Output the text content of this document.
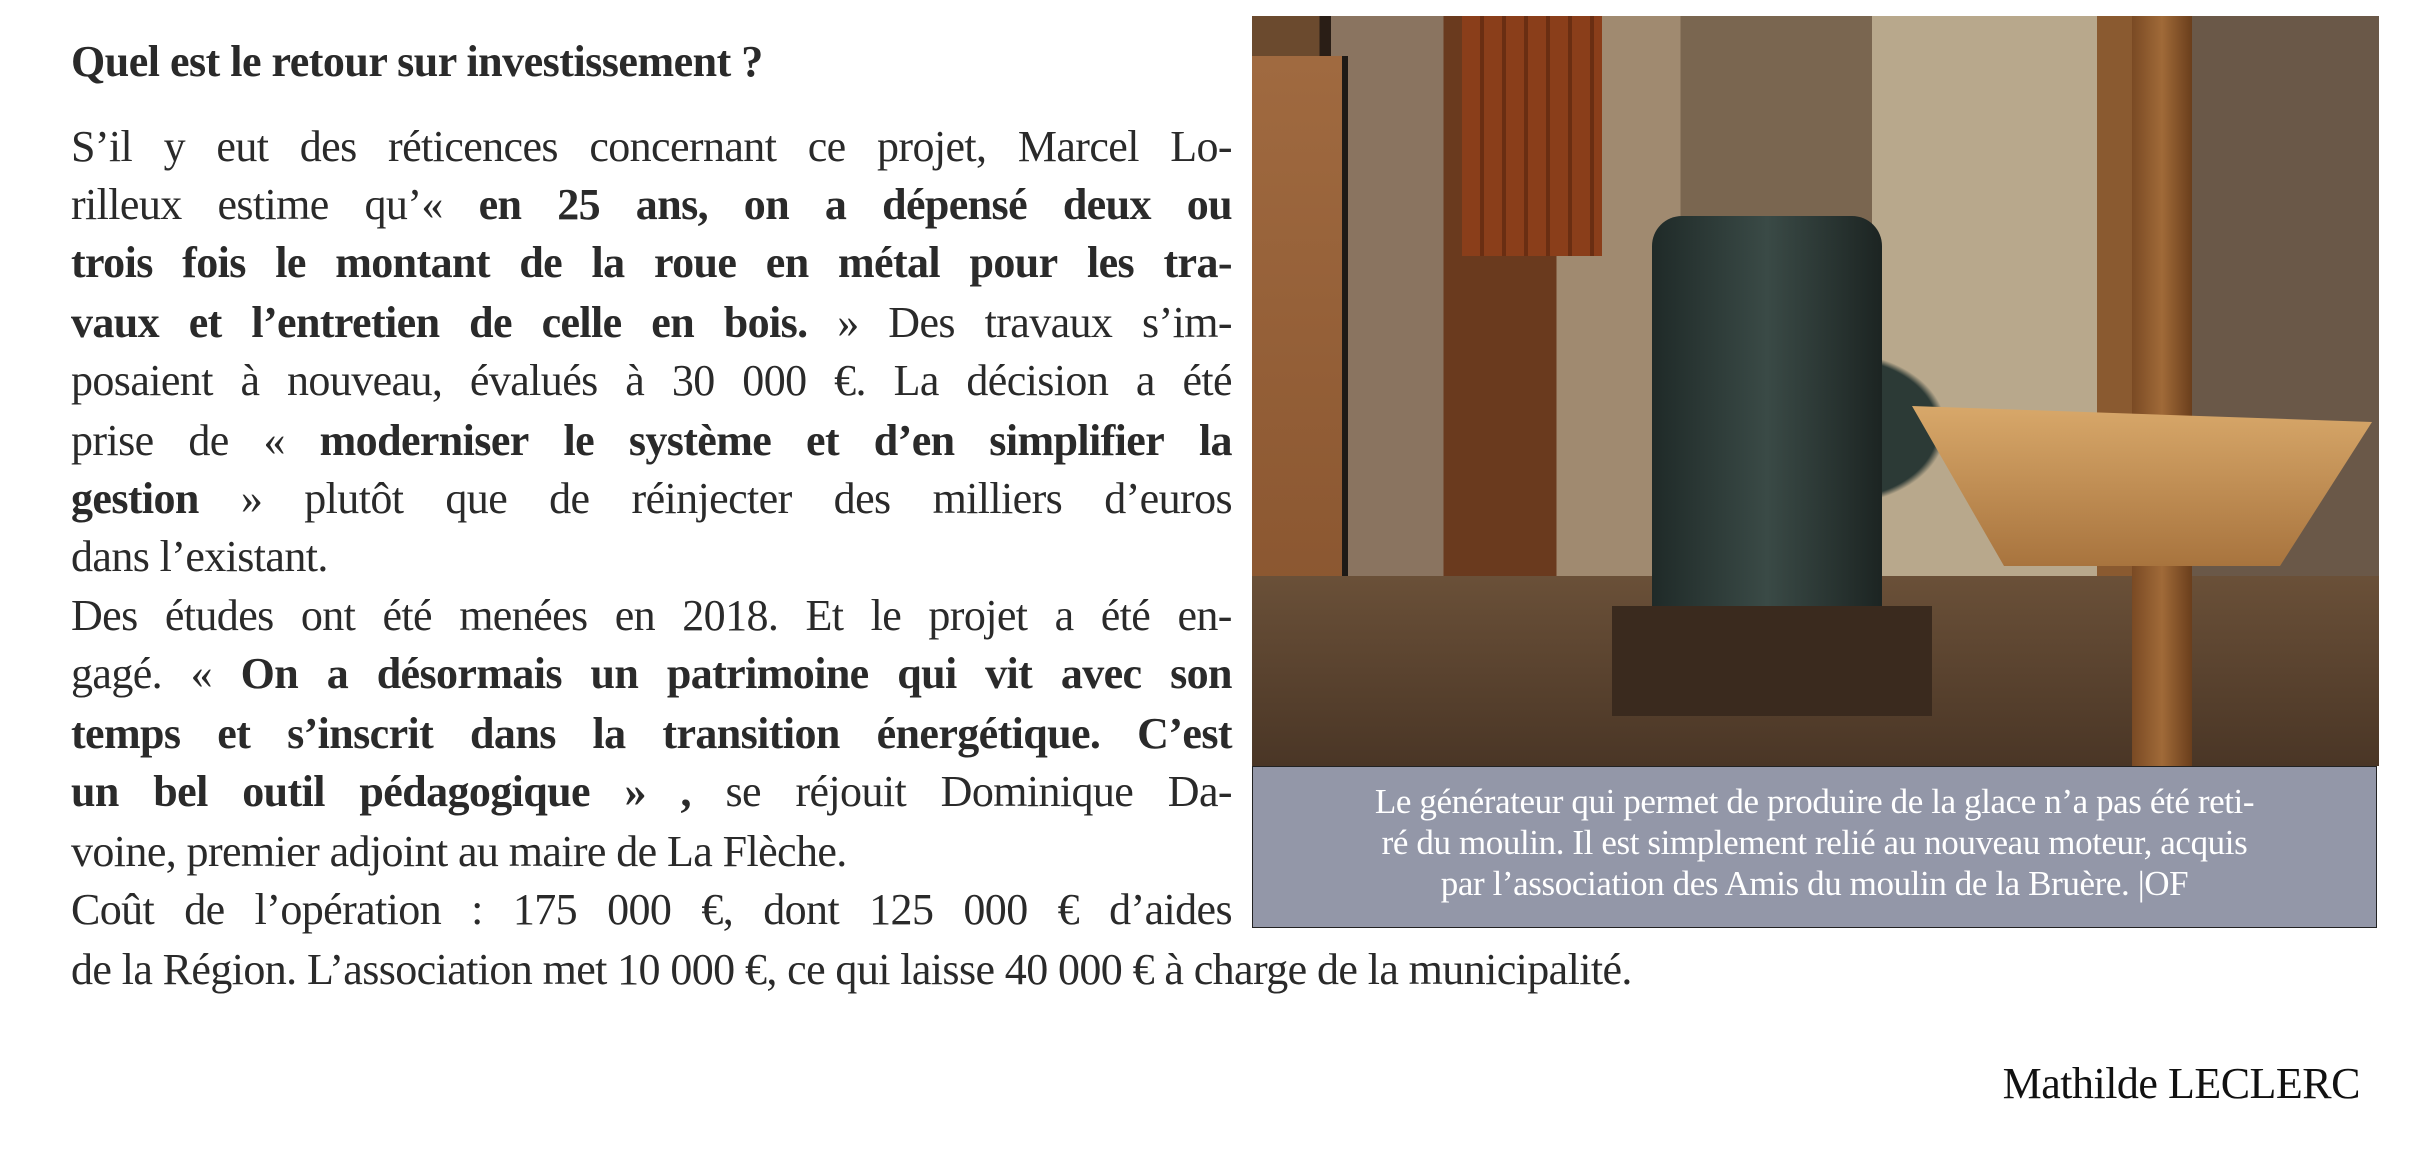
Quel est le retour sur investissement ?
S’il y eut des réticences concernant ce projet, Marcel Lo-
rilleux estime qu’« en 25 ans, on a dépensé deux ou
trois fois le montant de la roue en métal pour les tra-
vaux et l’entretien de celle en bois. » Des travaux s’im-
posaient à nouveau, évalués à 30 000 €. La décision a été
prise de « moderniser le système et d’en simplifier la
gestion » plutôt que de réinjecter des milliers d’euros
dans l’existant.
Des études ont été menées en 2018. Et le projet a été en-
gagé. « On a désormais un patrimoine qui vit avec son
temps et s’inscrit dans la transition énergétique. C’est
un bel outil pédagogique » , se réjouit Dominique Da-
voine, premier adjoint au maire de La Flèche.
Coût de l’opération : 175 000 €, dont 125 000 € d’aides
de la Région. L’association met 10 000 €, ce qui laisse 40 000 € à charge de la municipalité.
Le générateur qui permet de produire de la glace n’a pas été reti-
ré du moulin. Il est simplement relié au nouveau moteur, acquis
par l’association des Amis du moulin de la Bruère. |OF
Mathilde LECLERC
